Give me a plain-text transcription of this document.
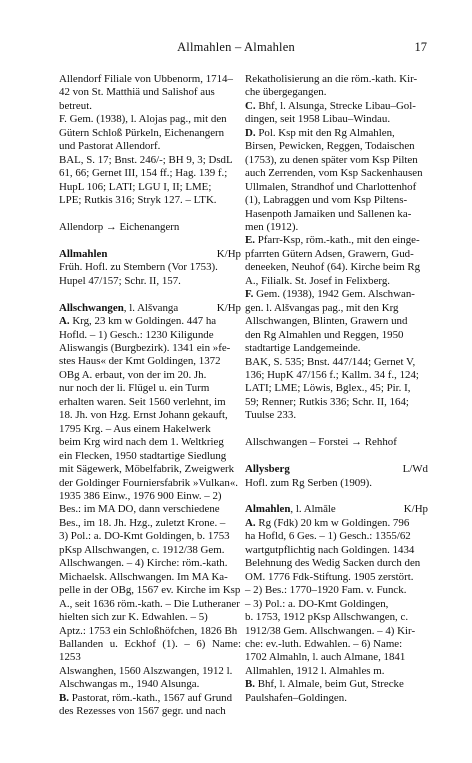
Allmahlen – Almahlen	17
Allendorf Filiale von Ubbenorm, 1714–
42 von St. Matthiä und Salishof aus
betreut.
F. Gem. (1938), l. Alojas pag., mit den
Gütern Schloß Pürkeln, Eichenangern
und Pastorat Allendorf.
BAL, S. 17; Bnst. 246/-; BH 9, 3; DsdL
61, 66; Gernet III, 154 ff.; Hag. 139 f.;
HupL 106; LATI; LGU I, II; LME;
LPE; Rutkis 316; Stryk 127. – LTK.
Allendorp → Eichenangern
Allmahlen	K/Hp
Früh. Hofl. zu Stembern (Vor 1753).
Hupel 47/157; Schr. II, 157.
Allschwangen, l. Alšvanga	K/Hp
A. Krg, 23 km w Goldingen. 447 ha
Hofld. – 1) Gesch.: 1230 Kiligunde
Aliswangis (Burgbezirk). 1341 ein »fe-
stes Haus« der Kmt Goldingen, 1372
OBg A. erbaut, von der im 20. Jh.
nur noch der li. Flügel u. ein Turm
erhalten waren. Seit 1560 verlehnt, im
18. Jh. von Hzg. Ernst Johann gekauft,
1795 Krg. – Aus einem Hakelwerk
beim Krg wird nach dem 1. Weltkrieg
ein Flecken, 1950 stadtartige Siedlung
mit Sägewerk, Möbelfabrik, Zweigwerk
der Goldinger Fourniersfabrik »Vulkan«.
1935 386 Einw., 1976 900 Einw. – 2)
Bes.: im MA DO, dann verschiedene
Bes., im 18. Jh. Hzg., zuletzt Krone. –
3) Pol.: a. DO-Kmt Goldingen, b. 1753
pKsp Allschwangen, c. 1912/38 Gem.
Allschwangen. – 4) Kirche: röm.-kath.
Michaelsk. Allschwangen. Im MA Ka-
pelle in der OBg, 1567 ev. Kirche im Ksp
A., seit 1636 röm.-kath. – Die Lutheraner
hielten sich zur K. Edwahlen. – 5)
Aptz.: 1753 ein Schloßhöfchen, 1826 Bh
Ballanden u. Eckhof (1). – 6) Name: 1253
Alswanghen, 1560 Alszwangen, 1912 l.
Alschwangas m., 1940 Alsunga.
B. Pastorat, röm.-kath., 1567 auf Grund
des Rezesses von 1567 gegr. und nach
Rekatholisierung an die röm.-kath. Kir-
che übergegangen.
C. Bhf, l. Alsunga, Strecke Libau–Gol-
dingen, seit 1958 Libau–Windau.
D. Pol. Ksp mit den Rg Almahlen,
Birsen, Pewicken, Reggen, Todaischen
(1753), zu denen später vom Ksp Pilten
auch Zerrenden, vom Ksp Sackenhausen
Ullmalen, Strandhof und Charlottenhof
(1), Labraggen und vom Ksp Piltens-
Hasenpoth Jamaiken und Sallenen ka-
men (1912).
E. Pfarr-Ksp, röm.-kath., mit den einge-
pfarrten Gütern Adsen, Grawern, Gud-
deneeken, Neuhof (64). Kirche beim Rg
A., Filialk. St. Josef in Felixberg.
F. Gem. (1938), 1942 Gem. Alschwan-
gen. l. Alšvangas pag., mit den Krg
Allschwangen, Blinten, Grawern und
den Rg Almahlen und Reggen, 1950
stadtartige Landgemeinde.
BAK, S. 535; Bnst. 447/144; Gernet V,
136; HupK 47/156 f.; Kallm. 34 f., 124;
LATI; LME; Löwis, Bglex., 45; Pir. I,
59; Renner; Rutkis 336; Schr. II, 164;
Tuulse 233.
Allschwangen – Forstei → Rehhof
Allysberg	L/Wd
Hofl. zum Rg Serben (1909).
Almahlen, l. Almāle	K/Hp
A. Rg (Fdk) 20 km w Goldingen. 796
ha Hofld, 6 Ges. – 1) Gesch.: 1355/62
wartgutpflichtig nach Goldingen. 1434
Belehnung des Wedig Sacken durch den
OM. 1776 Fdk-Stiftung. 1905 zerstört.
– 2) Bes.: 1770–1920 Fam. v. Funck.
– 3) Pol.: a. DO-Kmt Goldingen,
b. 1753, 1912 pKsp Allschwangen, c.
1912/38 Gem. Allschwangen. – 4) Kir-
che: ev.-luth. Edwahlen. – 6) Name:
1702 Almahln, l. auch Almane, 1841
Allmahlen, 1912 l. Almahles m.
B. Bhf, l. Almale, beim Gut, Strecke
Paulshafen–Goldingen.
